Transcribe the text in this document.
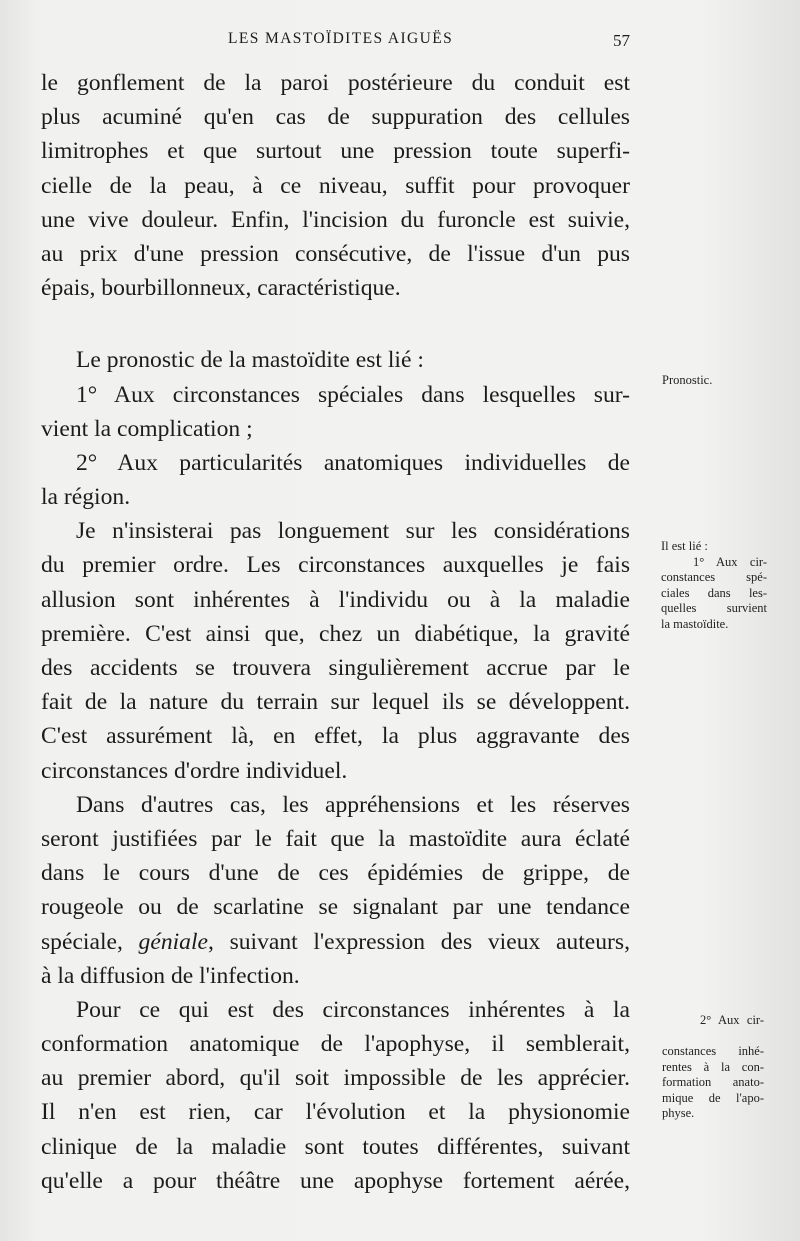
LES MASTOÏDITES AIGUËS	57
le gonflement de la paroi postérieure du conduit est
plus acuminé qu'en cas de suppuration des cellules
limitrophes et que surtout une pression toute superfi-
cielle de la peau, à ce niveau, suffit pour provoquer
une vive douleur. Enfin, l'incision du furoncle est suivie,
au prix d'une pression consécutive, de l'issue d'un pus
épais, bourbillonneux, caractéristique.
Le pronostic de la mastoïdite est lié :
1° Aux circonstances spéciales dans lesquelles sur-
vient la complication ;
2° Aux particularités anatomiques individuelles de
la région.
Je n'insisterai pas longuement sur les considérations
du premier ordre. Les circonstances auxquelles je fais
allusion sont inhérentes à l'individu ou à la maladie
première. C'est ainsi que, chez un diabétique, la gravité
des accidents se trouvera singulièrement accrue par le
fait de la nature du terrain sur lequel ils se développent.
C'est assurément là, en effet, la plus aggravante des
circonstances d'ordre individuel.
Dans d'autres cas, les appréhensions et les réserves
seront justifiées par le fait que la mastoïdite aura éclaté
dans le cours d'une de ces épidémies de grippe, de
rougeole ou de scarlatine se signalant par une tendance
spéciale, géniale, suivant l'expression des vieux auteurs,
à la diffusion de l'infection.
Pour ce qui est des circonstances inhérentes à la
conformation anatomique de l'apophyse, il semblerait,
au premier abord, qu'il soit impossible de les apprécier.
Il n'en est rien, car l'évolution et la physionomie
clinique de la maladie sont toutes différentes, suivant
qu'elle a pour théâtre une apophyse fortement aérée,
Pronostic.
Il est lié :
1° Aux cir-
constances spé-
ciales dans les-
quelles survient
la mastoïdite.
2° Aux cir-
constances inhé-
rentes à la con-
formation anato-
mique de l'apo-
physe.
